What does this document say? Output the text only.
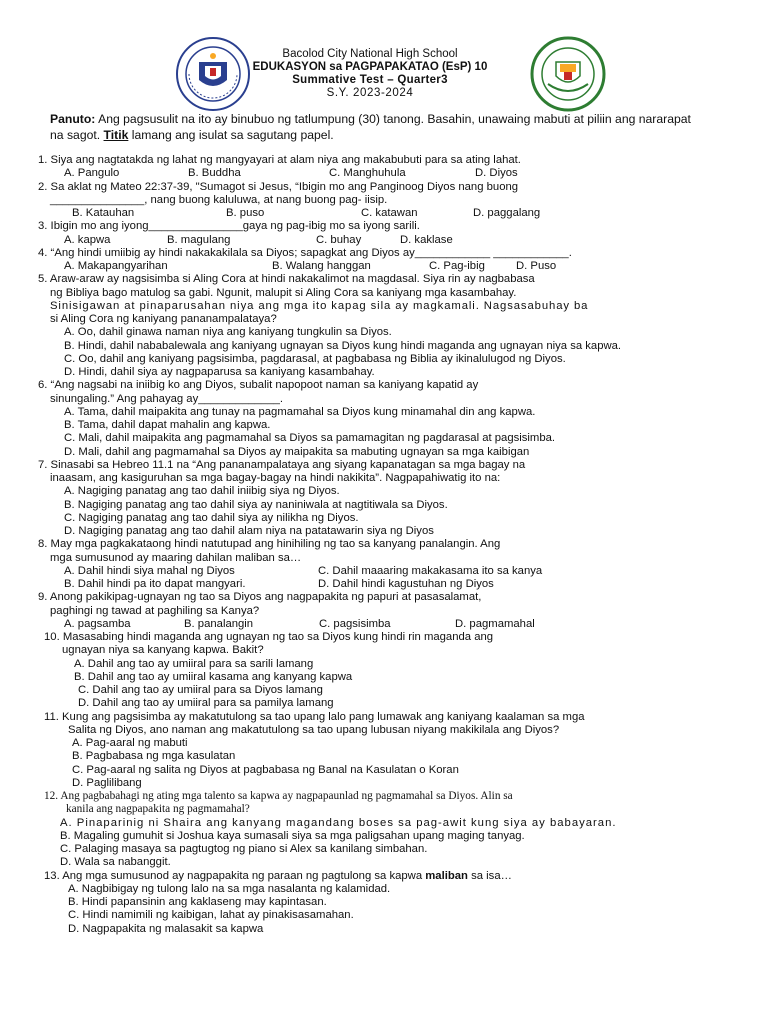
Bacolod City National High School
EDUKASYON sa PAGPAPAKATAO (EsP) 10
Summative Test – Quarter3
S.Y. 2023-2024
Panuto: Ang pagsusulit na ito ay binubuo ng tatlumpung (30) tanong. Basahin, unawaing mabuti at piliin ang nararapat na sagot. Titik lamang ang isulat sa sagutang papel.
1. Siya ang nagtatakda ng lahat ng mangyayari at alam niya ang makabubuti para sa ating lahat.
A. Pangulo	B. Buddha	C. Manghuhula	D. Diyos
2. Sa aklat ng Mateo 22:37-39, "Sumagot si Jesus, “Ibigin mo ang Panginoog Diyos nang buong
_______________, nang buong kaluluwa, at nang buong pag- iisip.
B. Katauhan	B. puso	C. katawan	D. paggalang
3. Ibigin mo ang iyong_______________gaya ng pag-ibig mo sa iyong sarili.
A. kapwa	B. magulang	C. buhay	D. kaklase
4. “Ang hindi umiibig ay hindi nakakakilala sa Diyos; sapagkat ang Diyos ay____________ ____________.
A. Makapangyarihan	B. Walang hanggan	C. Pag-ibig	D. Puso
5. Araw-araw ay nagsisimba si Aling Cora at hindi nakakalimot na magdasal. Siya rin ay nagbabasa
ng Bibliya bago matulog sa gabi. Ngunit, malupit si Aling Cora sa kaniyang mga kasambahay.
Sinisigawan at pinaparusahan niya ang mga ito kapag sila ay magkamali. Nagsasabuhay ba
si Aling Cora ng kaniyang pananampalataya?
A. Oo, dahil ginawa naman niya ang kaniyang tungkulin sa Diyos.
B. Hindi, dahil nababalewala ang kaniyang ugnayan sa Diyos kung hindi maganda ang ugnayan niya sa kapwa.
C. Oo, dahil ang kaniyang pagsisimba, pagdarasal, at pagbabasa ng Biblia ay ikinalulugod ng Diyos.
D. Hindi, dahil siya ay nagpaparusa sa kaniyang kasambahay.
6. “Ang nagsabi na iniibig ko ang Diyos, subalit napopoot naman sa kaniyang kapatid ay
sinungaling.” Ang pahayag ay_____________.
A. Tama, dahil maipakita ang tunay na pagmamahal sa Diyos kung minamahal din ang kapwa.
B. Tama, dahil dapat mahalin ang kapwa.
C. Mali, dahil maipakita ang pagmamahal sa Diyos sa pamamagitan ng pagdarasal at pagsisimba.
D. Mali, dahil ang pagmamahal sa Diyos ay maipakita sa mabuting ugnayan sa mga kaibigan
7. Sinasabi sa Hebreo 11.1 na “Ang pananampalataya ang siyang kapanatagan sa mga bagay na
inaasam, ang kasiguruhan sa mga bagay-bagay na hindi nakikita”. Nagpapahiwatig ito na:
A. Nagiging panatag ang tao dahil iniibig siya ng Diyos.
B. Nagiging panatag ang tao dahil siya ay naniniwala at nagtitiwala sa Diyos.
C. Nagiging panatag ang tao dahil siya ay nilikha ng Diyos.
D. Nagiging panatag ang tao dahil alam niya na patatawarin siya ng Diyos
8. May mga pagkakataong hindi natutupad ang hinihiling ng tao sa kanyang panalangin. Ang
mga sumusunod ay maaring dahilan maliban sa…
A. Dahil hindi siya mahal ng Diyos	C. Dahil maaaring makakasama ito sa kanya
B. Dahil hindi pa ito dapat mangyari.	D. Dahil hindi kagustuhan ng Diyos
9. Anong pakikipag-ugnayan ng tao sa Diyos ang nagpapakita ng papuri at pasasalamat,
paghingi ng tawad at paghiling sa Kanya?
A. pagsamba	B. panalangin	C. pagsisimba	D. pagmamahal
10. Masasabing hindi maganda ang ugnayan ng tao sa Diyos kung hindi rin maganda ang
ugnayan niya sa kanyang kapwa. Bakit?
A. Dahil ang tao ay umiiral para sa sarili lamang
B. Dahil ang tao ay umiiral kasama ang kanyang kapwa
C. Dahil ang tao ay umiiral para sa Diyos lamang
D. Dahil ang tao ay umiiral para sa pamilya lamang
11. Kung ang pagsisimba ay makatutulong sa tao upang lalo pang lumawak ang kaniyang kaalaman sa mga
Salita ng Diyos, ano naman ang makatutulong sa tao upang lubusan niyang makikilala ang Diyos?
A. Pag-aaral ng mabuti
B. Pagbabasa ng mga kasulatan
C. Pag-aaral ng salita ng Diyos at pagbabasa ng Banal na Kasulatan o Koran
D. Paglilibang
12. Ang pagbabahagi ng ating mga talento sa kapwa ay nagpapaunlad ng pagmamahal sa Diyos. Alin sa
kanila ang nagpapakita ng pagmamahal?
A. Pinaparinig ni Shaira ang kanyang magandang boses sa pag-awit kung siya ay babayaran.
B. Magaling gumuhit si Joshua kaya sumasali siya sa mga paligsahan upang maging tanyag.
C. Palaging masaya sa pagtugtog ng piano si Alex sa kanilang simbahan.
D. Wala sa nabanggit.
13. Ang mga sumusunod ay nagpapakita ng paraan ng pagtulong sa kapwa maliban sa isa…
A. Nagbibigay ng tulong lalo na sa mga nasalanta ng kalamidad.
B. Hindi papansinin ang kaklaseng may kapintasan.
C. Hindi namimili ng kaibigan, lahat ay pinakisasamahan.
D. Nagpapakita ng malasakit sa kapwa
